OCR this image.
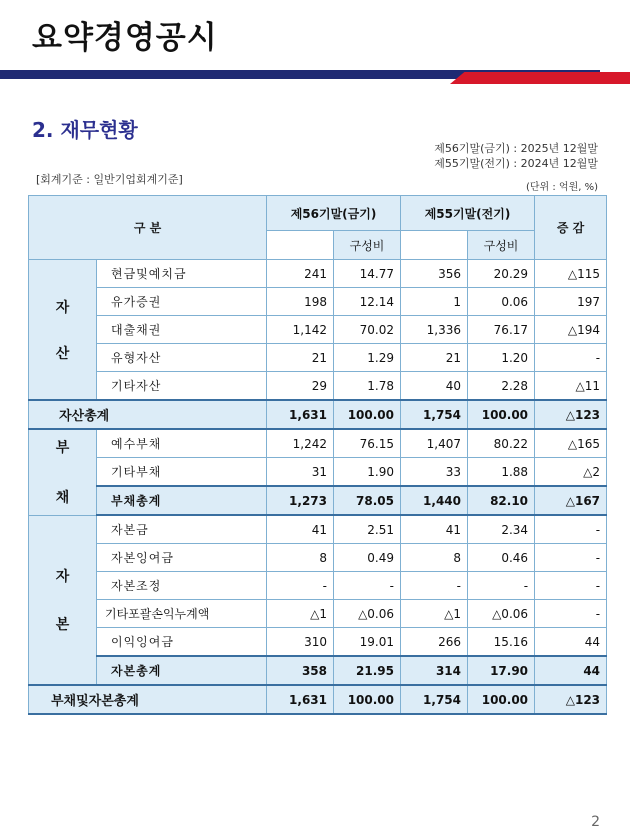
요약경영공시
2. 재무현황
제56기말(금기) : 2025년 12월말
제55기말(전기) : 2024년 12월말
[회계기준 : 일반기업회계기준]
(단위 : 억원, %)
구 분		제56기말(금기)		제55기말(전기)		증 감
			구성비		구성비	

자
산	현금및예치금	241	14.77	356	20.29	△115
	유가증권	198	12.14	1	0.06	197
	대출채권	1,142	70.02	1,336	76.17	△194
	유형자산	21	1.29	21	1.20	-
	기타자산	29	1.78	40	2.28	△11
자산총계		1,631	100.00	1,754	100.00	△123

부
채	예수부채	1,242	76.15	1,407	80.22	△165
	기타부채	31	1.90	33	1.88	△2
	부채총계	1,273	78.05	1,440	82.10	△167

자
본	자본금	41	2.51	41	2.34	-
	자본잉여금	8	0.49	8	0.46	-
	자본조정	-	-	-	-	-
	기타포괄손익누계액	△1	△0.06	△1	△0.06	-
	이익잉여금	310	19.01	266	15.16	44
	자본총계	358	21.95	314	17.90	44
부채및자본총계		1,631	100.00	1,754	100.00	△123
2
